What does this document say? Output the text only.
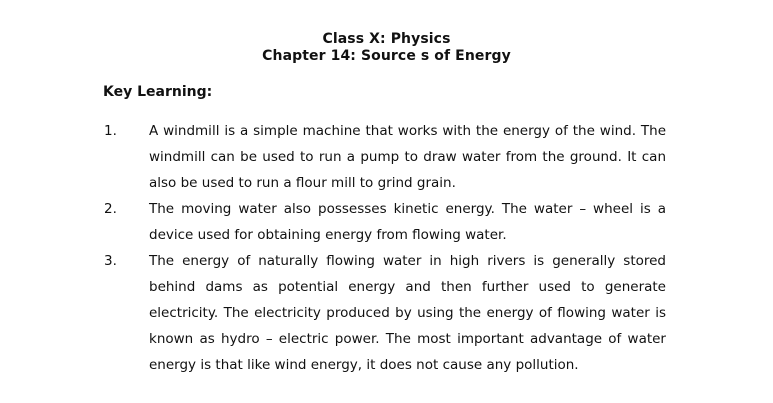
Class X: Physics
Chapter 14: Source s of Energy
Key Learning:
1. A windmill is a simple machine that works with the energy of the wind. The windmill can be used to run a pump to draw water from the ground. It can also be used to run a flour mill to grind grain.
2. The moving water also possesses kinetic energy. The water – wheel is a device used for obtaining energy from flowing water.
3. The energy of naturally flowing water in high rivers is generally stored behind dams as potential energy and then further used to generate electricity. The electricity produced by using the energy of flowing water is known as hydro – electric power. The most important advantage of water energy is that like wind energy, it does not cause any pollution.
